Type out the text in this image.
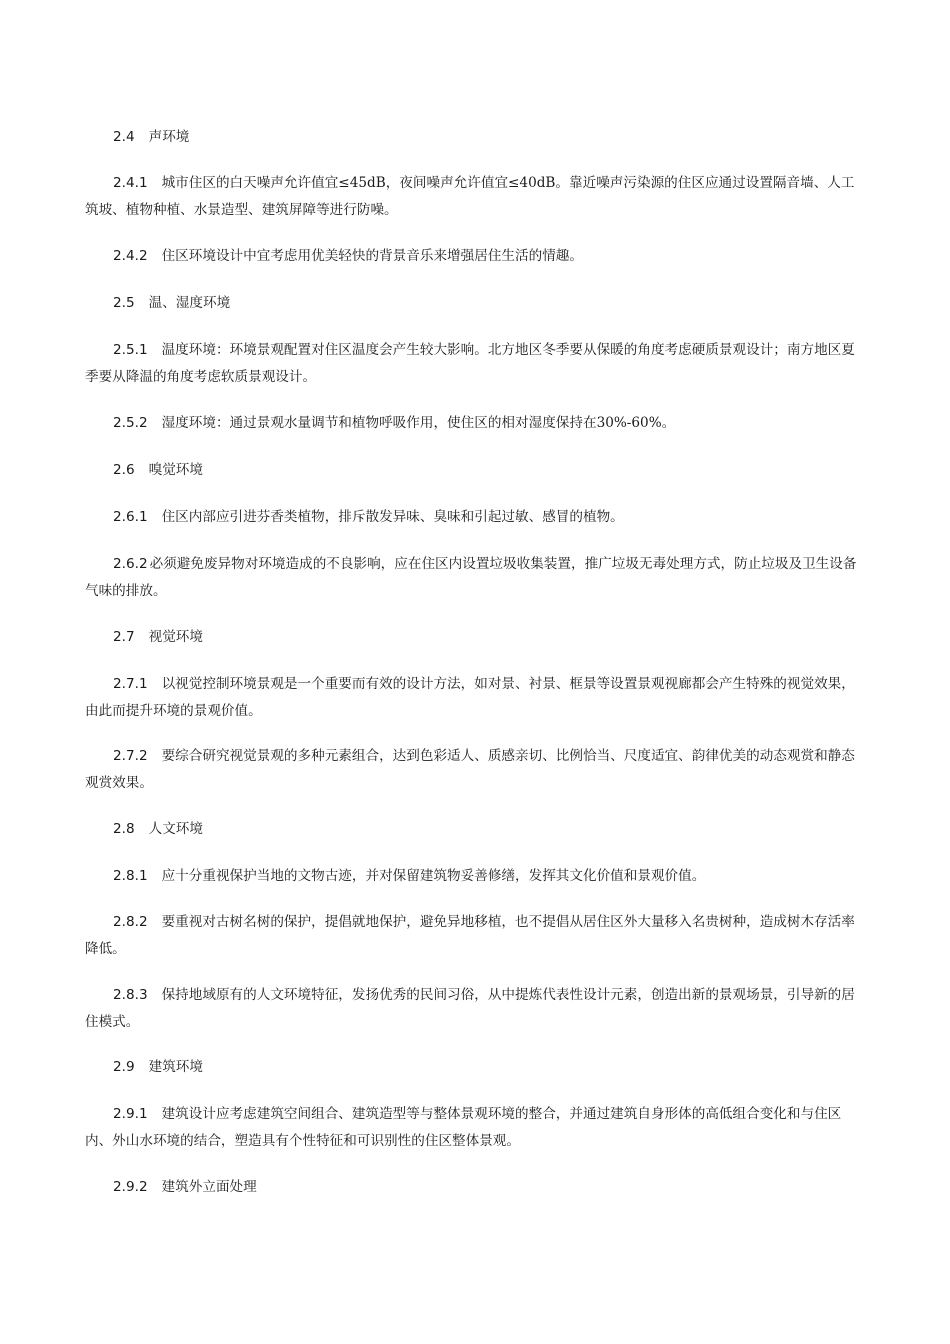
2.4 声环境

2.4.1 城市住区的白天噪声允许值宜≤45dB，夜间噪声允许值宜≤40dB。靠近噪声污染源的住区应通过设置隔音墙、人工筑坡、植物种植、水景造型、建筑屏障等进行防噪。

2.4.2 住区环境设计中宜考虑用优美轻快的背景音乐来增强居住生活的情趣。

2.5 温、湿度环境

2.5.1 温度环境：环境景观配置对住区温度会产生较大影响。北方地区冬季要从保暖的角度考虑硬质景观设计；南方地区夏季要从降温的角度考虑软质景观设计。

2.5.2 湿度环境：通过景观水量调节和植物呼吸作用，使住区的相对湿度保持在30%-60%。

2.6 嗅觉环境

2.6.1 住区内部应引进芬香类植物，排斥散发异味、臭味和引起过敏、感冒的植物。

2.6.2 必须避免废异物对环境造成的不良影响，应在住区内设置垃圾收集装置，推广垃圾无毒处理方式，防止垃圾及卫生设备气味的排放。

2.7 视觉环境

2.7.1 以视觉控制环境景观是一个重要而有效的设计方法，如对景、衬景、框景等设置景观视廊都会产生特殊的视觉效果，由此而提升环境的景观价值。

2.7.2 要综合研究视觉景观的多种元素组合，达到色彩适人、质感亲切、比例恰当、尺度适宜、韵律优美的动态观赏和静态观赏效果。

2.8 人文环境

2.8.1 应十分重视保护当地的文物古迹，并对保留建筑物妥善修缮，发挥其文化价值和景观价值。

2.8.2 要重视对古树名树的保护，提倡就地保护，避免异地移植，也不提倡从居住区外大量移入名贵树种，造成树木存活率降低。

2.8.3 保持地域原有的人文环境特征，发扬优秀的民间习俗，从中提炼代表性设计元素，创造出新的景观场景，引导新的居住模式。

2.9 建筑环境

2.9.1 建筑设计应考虑建筑空间组合、建筑造型等与整体景观环境的整合，并通过建筑自身形体的高低组合变化和与住区内、外山水环境的结合，塑造具有个性特征和可识别性的住区整体景观。

2.9.2 建筑外立面处理
